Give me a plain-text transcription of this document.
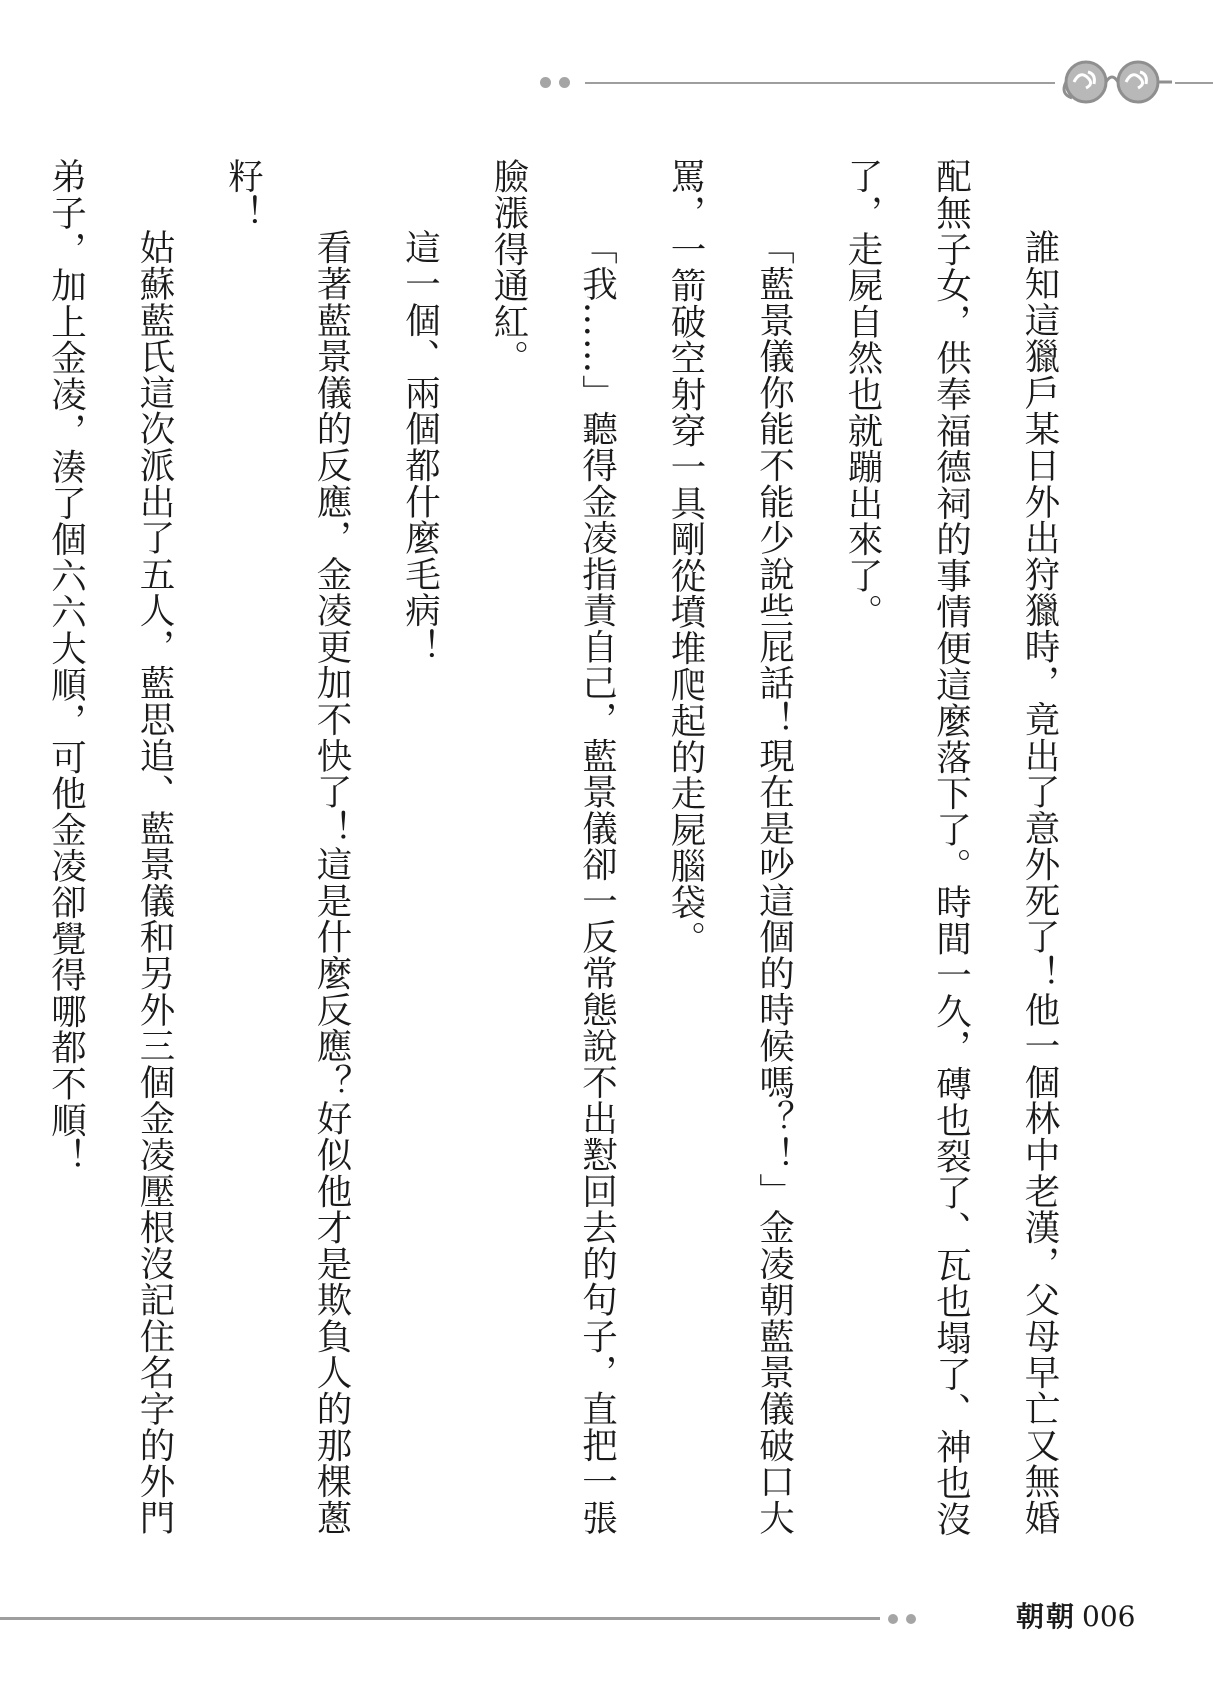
誰知這獵戶某日外出狩獵時，竟出了意外死了！他一個林中老漢，父母早亡又無婚配無子女，供奉福德祠的事情便這麼落下了。時間一久，磚也裂了、瓦也塌了、神也沒了，走屍自然也就蹦出來了。

「藍景儀你能不能少說些屁話！現在是吵這個的時候嗎？！」金凌朝藍景儀破口大罵，一箭破空射穿一具剛從墳堆爬起的走屍腦袋。

「我……」聽得金凌指責自己，藍景儀卻一反常態說不出懟回去的句子，直把一張臉漲得通紅。

這一個、兩個都什麼毛病！

看著藍景儀的反應，金凌更加不快了！這是什麼反應？好似他才是欺負人的那棵蔥籽！

姑蘇藍氏這次派出了五人，藍思追、藍景儀和另外三個金凌壓根沒記住名字的外門弟子，加上金凌，湊了個六六大順，可他金凌卻覺得哪都不順！

朝朝 006
